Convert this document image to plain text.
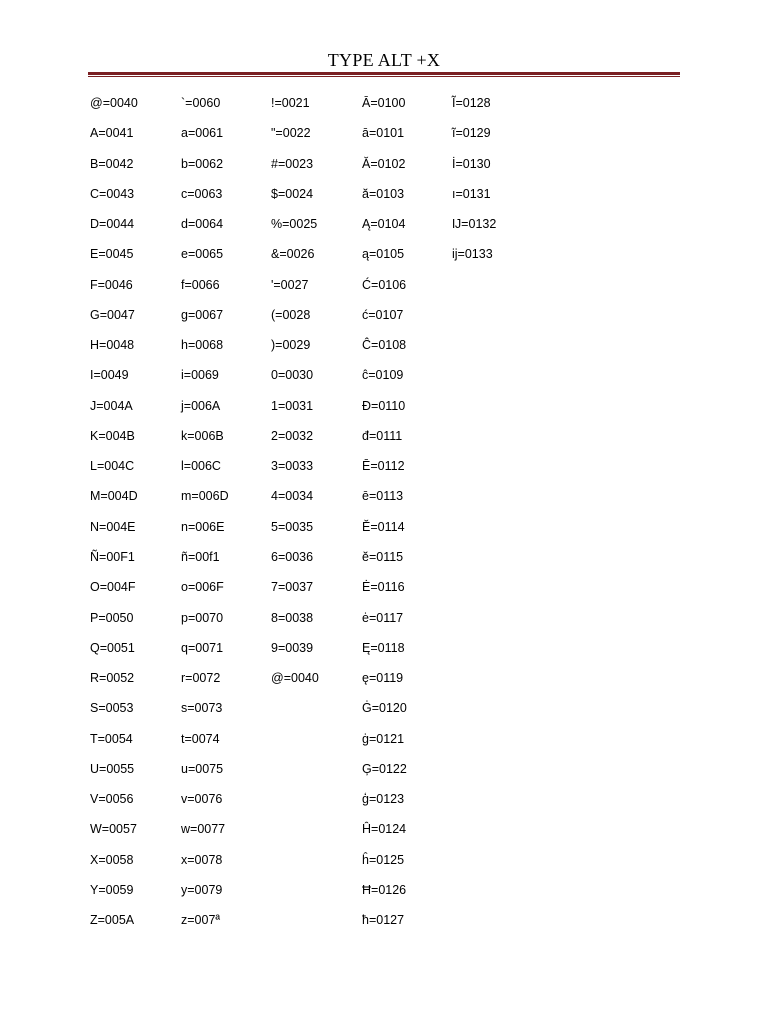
TYPE ALT +X
@=0040
A=0041
B=0042
C=0043
D=0044
E=0045
F=0046
G=0047
H=0048
I=0049
J=004A
K=004B
L=004C
M=004D
N=004E
Ñ=00F1
O=004F
P=0050
Q=0051
R=0052
S=0053
T=0054
U=0055
V=0056
W=0057
X=0058
Y=0059
Z=005A
`=0060
a=0061
b=0062
c=0063
d=0064
e=0065
f=0066
g=0067
h=0068
i=0069
j=006A
k=006B
l=006C
m=006D
n=006E
ñ=00f1
o=006F
p=0070
q=0071
r=0072
s=0073
t=0074
u=0075
v=0076
w=0077
x=0078
y=0079
z=007ª
!=0021
"=0022
#=0023
$=0024
%=0025
&=0026
'=0027
(=0028
)=0029
0=0030
1=0031
2=0032
3=0033
4=0034
5=0035
6=0036
7=0037
8=0038
9=0039
@=0040
Ā=0100
ā=0101
Ă=0102
ă=0103
Ą=0104
ą=0105
Ć=0106
ć=0107
Ĉ=0108
ĉ=0109
Đ=0110
đ=0111
Ē=0112
ē=0113
Ĕ=0114
ĕ=0115
Ė=0116
ė=0117
Ę=0118
ę=0119
Ġ=0120
ġ=0121
Ģ=0122
ģ=0123
Ĥ=0124
ĥ=0125
Ħ=0126
ħ=0127
Ĩ=0128
ĩ=0129
İ=0130
ı=0131
Ĳ=0132
ĳ=0133
